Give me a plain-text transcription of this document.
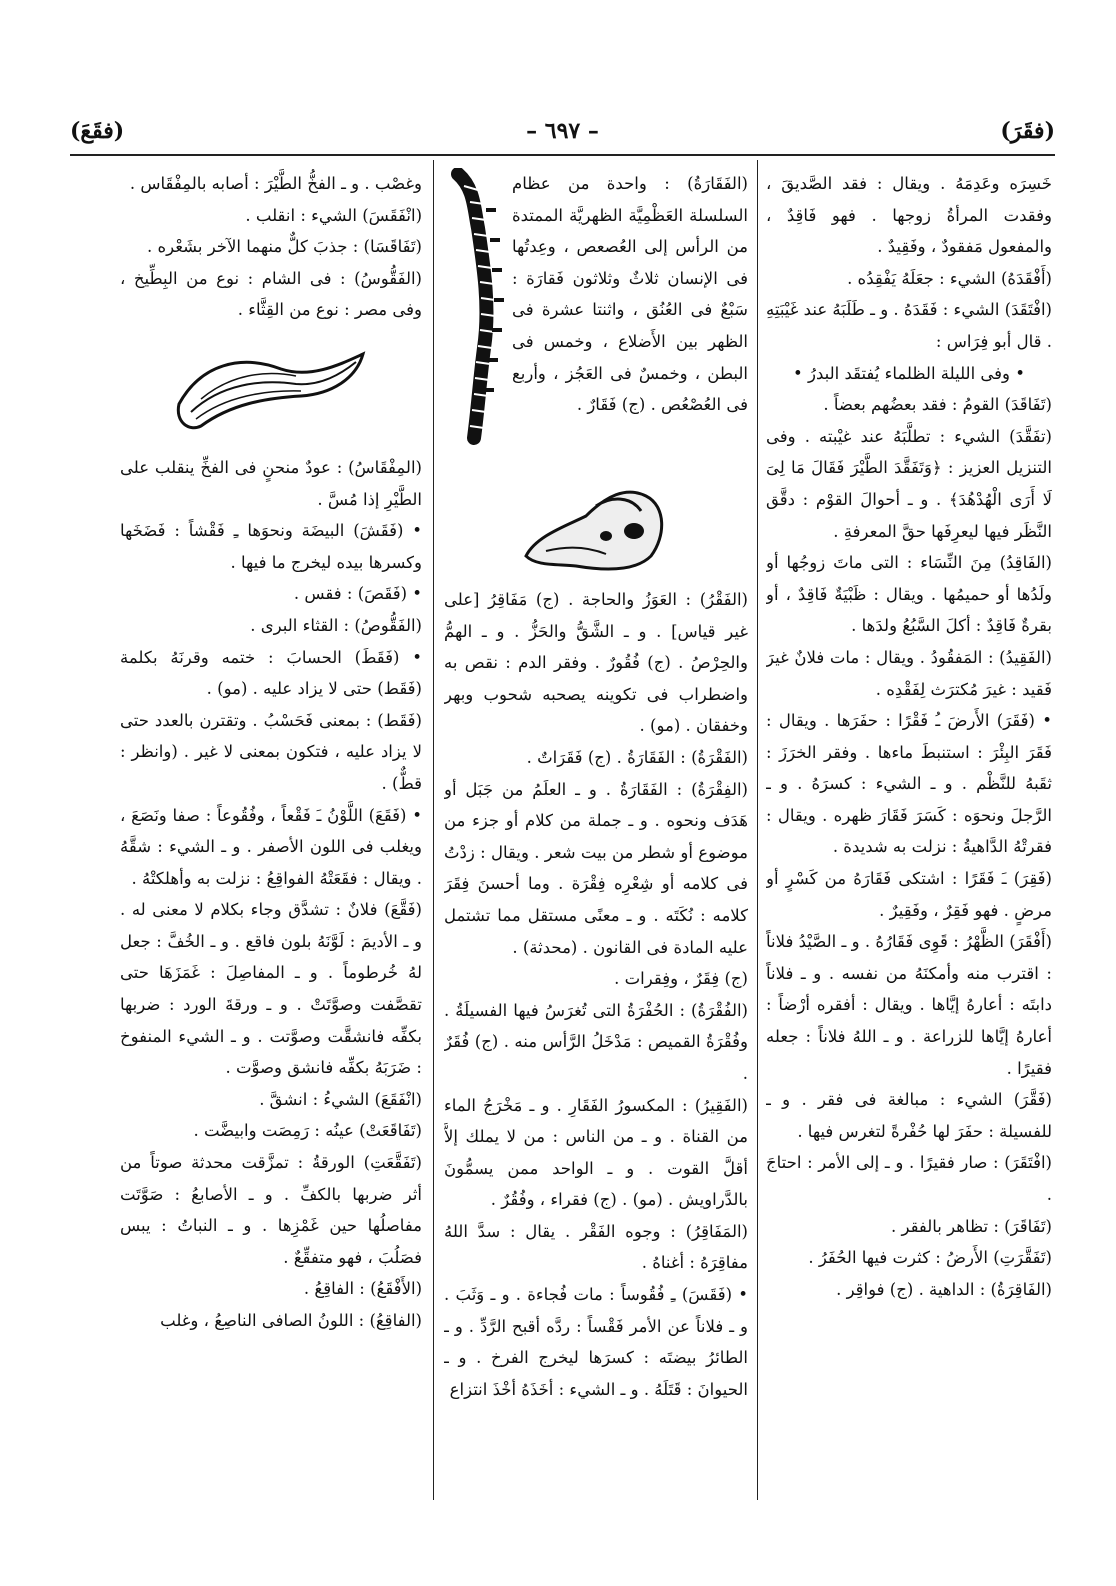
(فقَرَ)
– ٦٩٧ –
(فقَعَ)

خَسِرَه وعَدِمَهُ . ويقال : فقد الصَّديقَ ، وفقدت المرأةُ زوجها . فهو فَاقِدٌ ، والمفعول مَفقودٌ ، وفَقِيدٌ .

(أَفْقَدَهُ) الشيء : جعَلَهُ يَفْقِدُه .

(افْتَقَدَ) الشيء : فَقَدَهُ . و ـ طَلَبَهُ عند غَيْبَتِهِ . قال أبو فِرَاس :

• وفى الليلة الظلماء يُفتقَد البدرُ •

(تَفَاقَدَ) القومُ : فقد بعضُهم بعضاً .

(تفَقَّدَ) الشيء : تطلَّبَهُ عند غيْبته . وفى التنزيل العزيز : ﴿وَتَفَقَّدَ الطَّيْرَ فَقَالَ مَا لِىَ لَا أَرَى الْهُدْهُدَ﴾ . و ـ أحوالَ القوْم : دقَّق النَّظَر فيها ليعرِفَها حقَّ المعرفةِ .

(الفَاقِدُ) مِنَ النِّسَاء : التى ماتَ زوجُها أو ولَدُها أو حميمُها . ويقال : ظَبْيَةٌ فَاقِدٌ ، أو بقرةٌ فَاقِدٌ : أكلَ السَّبُعُ ولدَها .

(الفَقِيدُ) : المَفقُودُ . ويقال : مات فلانٌ غيرَ فَقيد : غيرَ مُكترَث لِفَقْدِه .

• (فَقَرَ) الأَرضَ ـُ فَقْرًا : حفَرَها . ويقال : فَقَرَ البِئْرَ : استنبطَ ماءها . وفقر الخرَزَ : ثقَبهُ للنَّظْم . و ـ الشيء : كسرَهُ . و ـ الرَّجلَ ونحوَه : كَسَرَ فَقَارَ ظهره . ويقال : فقرتْهُ الدَّاهيةُ : نزلت به شديدة .

(فَقِرَ) ـَ فَقَرًا : اشتكى فَقَارَهُ من كَسْرٍ أو مرضٍ . فهو فَقِرٌ ، وفَقِيرٌ .

(أَفْقَرَ) الظَّهْرُ : قَوِى فَقَارُهُ . و ـ الصَّيْدُ فلاناً : اقترب منه وأمكنَهُ من نفسه . و ـ فلاناً دابتَه : أعارهُ إيَّاها . ويقال : أفقره أرْضاً : أعارهُ إيَّاها للزراعة . و ـ اللهُ فلاناً : جعله فقيرًا .

(فَقَّرَ) الشيء : مبالغة فى فقر . و ـ للفسيلة : حفَرَ لها حُفْرةً لتغرس فيها .

(افْتَقَرَ) : صار فقيرًا . و ـ إلى الأمر : احتاجَ .

(تَفَاقَرَ) : تظاهر بالفقر .

(تَفَقَّرَتِ) الأَرضُ : كثرت فيها الحُفَرُ .

(الفَاقِرَةُ) : الداهية . (ج) فواقِر .

(الفَقَارَةُ) : واحدة من عظام السلسلة العَظْمِيَّة الظهريَّة الممتدة من الرأس إلى العُصعص ، وعِدتُها فى الإنسان ثلاثٌ وثلاثون فَقارَة : سَبْعٌ فى العُنُق ، واثنتا عشرة فى الظهر بين الأَضلاع ، وخمس فى البطن ، وخمسٌ فى العَجُز ، وأربع فى العُصْعُص . (ج) فَقَارٌ .

(الفَقْرُ) : العَوَزُ والحاجة . (ج) مَفَاقِرُ [على غير قياس] . و ـ الشَّقُّ والحَزُّ . و ـ الهمُّ والحِرْصُ . (ج) فُقُورٌ . وفقر الدم : نقص به واضطراب فى تكوينه يصحبه شحوب وبهر وخفقان . (مو) .

(الفَقْرَةُ) : الفَقَارَةُ . (ج) فَقَرَاتٌ .

(الفِقْرَةُ) : الفَقَارَةُ . و ـ العلَمُ من جَبَل أو هَدَف ونحوه . و ـ جملة من كلام أو جزء من موضوع أو شطر من بيت شعر . ويقال : زدْتُ فى كلامه أو شِعْرِه فِقْرَة . وما أحسنَ فِقَرَ كلامه : نُكَتَه . و ـ معنًى مستقل مما تشتمل عليه المادة فى القانون . (محدثة) .

(ج) فِقَرٌ ، وفِقرات .

(الفُقْرَةُ) : الحُفْرَةُ التى تُغرَسُ فيها الفسيلَةُ . وفُقْرَةُ القميص : مَدْخَلُ الرَّأس منه . (ج) فُقَرٌ .

(الفَقِيرُ) : المكسورُ الفَقَارِ . و ـ مَخْرَجُ الماء من القناة . و ـ من الناس : من لا يملك إلاَّ أقلَّ القوت . و ـ الواحد ممن يسمُّونَ بالدَّراويش . (مو) . (ج) فقراء ، وفُقُرٌ .

(المَفَاقِرُ) : وجوه الفَقْر . يقال : سدَّ اللهُ مفاقِرَهُ : أغناهُ .

• (فَقَسَ) ـِ فُقُوساً : مات فُجاءة . و ـ وَثَبَ . و ـ فلاناً عن الأمر فَقْساً : ردَّه أقبح الرَّدِّ . و ـ الطائرُ بيضتَه : كسرَها ليخرج الفرخ . و ـ الحيوانَ : قَتَلَهُ . و ـ الشيء : أخَذَهُ أخْذَ انتزاع

وغصْب . و ـ الفخُّ الطَّيْرَ : أصابه بالمِفْقَاس .

(انْفَقَسَ) الشيء : انقلب .

(تَفَاقَسَا) : جذبَ كلٌّ منهما الآخر بشَعْره .

(الفَقُّوسُ) : فى الشام : نوع من البِطِّيخ ، وفى مصر : نوع من القِثَّاء .

(المِفْقَاسُ) : عودٌ منحنٍ فى الفخِّ ينقلب على الطَّيْرِ إذا مُسَّ .

• (فَقَشَ) البيضَة ونحوَها ـِ فَقْشاً : فَضَخَها وكسرها بيده ليخرج ما فيها .

• (فَقَصَ) : فقس .

(الفَقُّوصُ) : القثاء البرى .

• (فَقَطَ) الحسابَ : ختمه وقرنَهُ بكلمة (فَقَط) حتى لا يزاد عليه . (مو) .

(فَقَط) : بمعنى فَحَسْبُ . وتقترن بالعدد حتى لا يزاد عليه ، فتكون بمعنى لا غير . (وانظر : قطٌّ) .

• (فَقَعَ) اللَّوْنُ ـَ فَقْعاً ، وفُقُوعاً : صفا ونَصَعَ ، ويغلب فى اللون الأصفر . و ـ الشيء : شقَّهُ . ويقال : فقَعَتْهُ الفواقِعُ : نزلت به وأهلكتْهُ .

(فَقَّعَ) فلانٌ : تشدَّق وجاء بكلام لا معنى له . و ـ الأديمَ : لَوَّنَهُ بلون فاقع . و ـ الخُفَّ : جعل لهُ خُرطوماً . و ـ المفاصِلَ : غَمَزَهَا حتى تقصَّفت وصوَّتَتْ . و ـ ورقةَ الورد : ضربها بكفِّه فانشقَّت وصوَّتت . و ـ الشيء المنفوخ : ضَرَبَهُ بكفِّه فانشق وصوَّت .

(انْفَقَعَ) الشيءُ : انشقَّ .

(تَفَاقَعَتْ) عينُه : رَمِصَت وابيضَّت .

(تَفَقَّعَتِ) الورقةُ : تمزَّقت محدثة صوتاً من أثر ضربها بالكفِّ . و ـ الأصابعُ : صَوَّتَت مفاصلُها حين غَمْزِها . و ـ النباتُ : يبس فصَلُبَ ، فهو متفقِّعٌ .

(الأَفْقَعُ) : الفاقِعُ .

(الفاقِعُ) : اللونُ الصافى الناصِعُ ، وغلب
